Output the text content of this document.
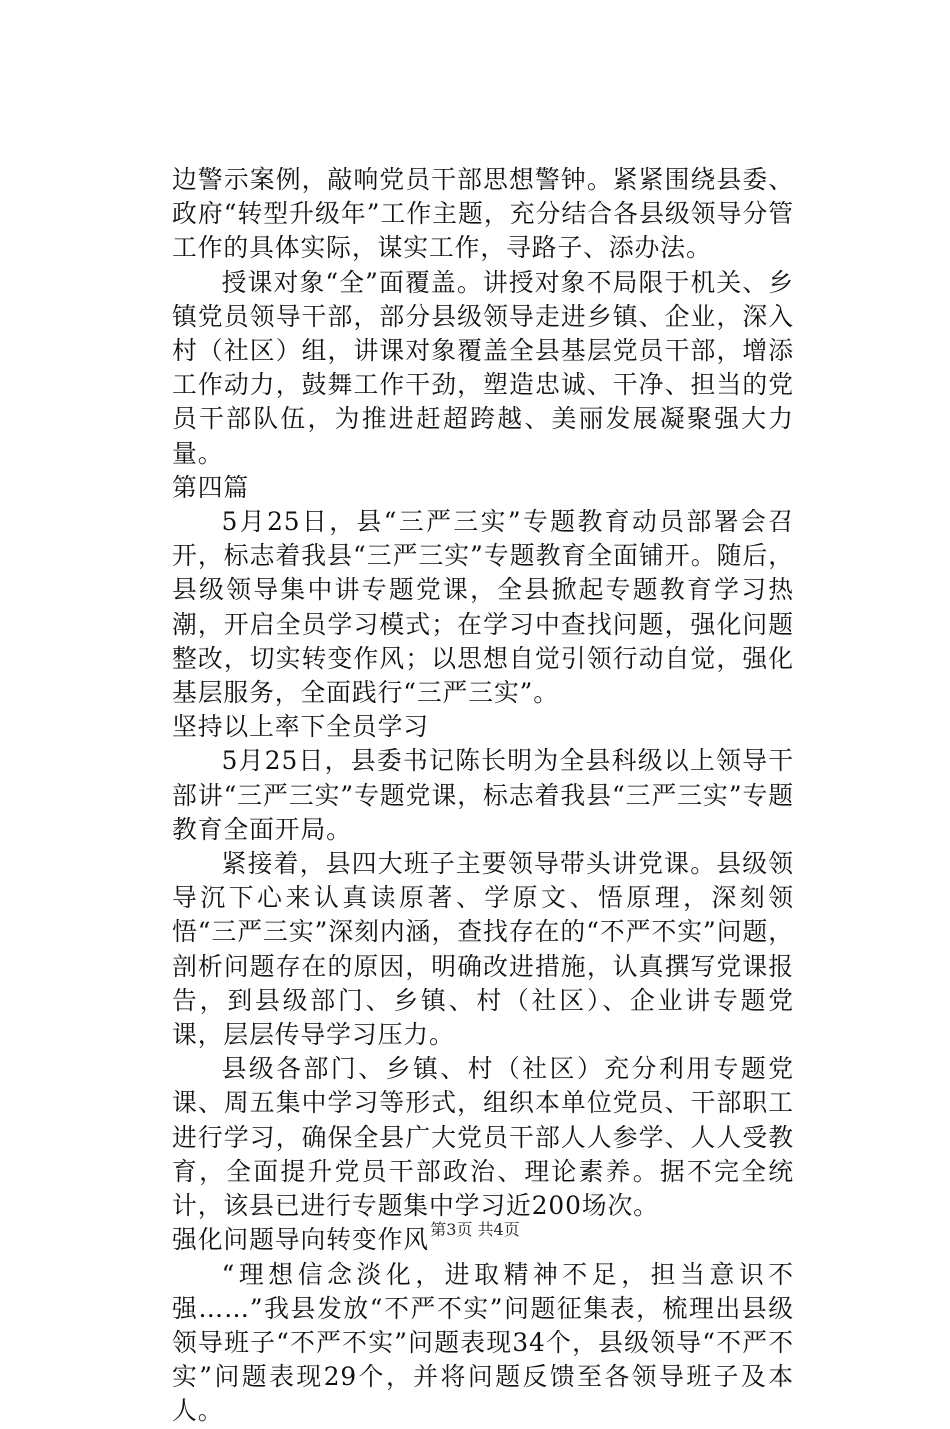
边警示案例，敲响党员干部思想警钟。紧紧围绕县委、政府“转型升级年”工作主题，充分结合各县级领导分管工作的具体实际，谋实工作，寻路子、添办法。

授课对象“全”面覆盖。讲授对象不局限于机关、乡镇党员领导干部，部分县级领导走进乡镇、企业，深入村（社区）组，讲课对象覆盖全县基层党员干部，增添工作动力，鼓舞工作干劲，塑造忠诚、干净、担当的党员干部队伍，为推进赶超跨越、美丽发展凝聚强大力量。

第四篇

5月25日，县“三严三实”专题教育动员部署会召开，标志着我县“三严三实”专题教育全面铺开。随后，县级领导集中讲专题党课，全县掀起专题教育学习热潮，开启全员学习模式；在学习中查找问题，强化问题整改，切实转变作风；以思想自觉引领行动自觉，强化基层服务，全面践行“三严三实”。

坚持以上率下全员学习

5月25日，县委书记陈长明为全县科级以上领导干部讲“三严三实”专题党课，标志着我县“三严三实”专题教育全面开局。

紧接着，县四大班子主要领导带头讲党课。县级领导沉下心来认真读原著、学原文、悟原理，深刻领悟“三严三实”深刻内涵，查找存在的“不严不实”问题，剖析问题存在的原因，明确改进措施，认真撰写党课报告，到县级部门、乡镇、村（社区）、企业讲专题党课，层层传导学习压力。

县级各部门、乡镇、村（社区）充分利用专题党课、周五集中学习等形式，组织本单位党员、干部职工进行学习，确保全县广大党员干部人人参学、人人受教育，全面提升党员干部政治、理论素养。据不完全统计，该县已进行专题集中学习近200场次。

强化问题导向转变作风

“理想信念淡化，进取精神不足，担当意识不强……”我县发放“不严不实”问题征集表，梳理出县级领导班子“不严不实”问题表现34个，县级领导“不严不实”问题表现29个，并将问题反馈至各领导班子及本人。

第3页 共4页
